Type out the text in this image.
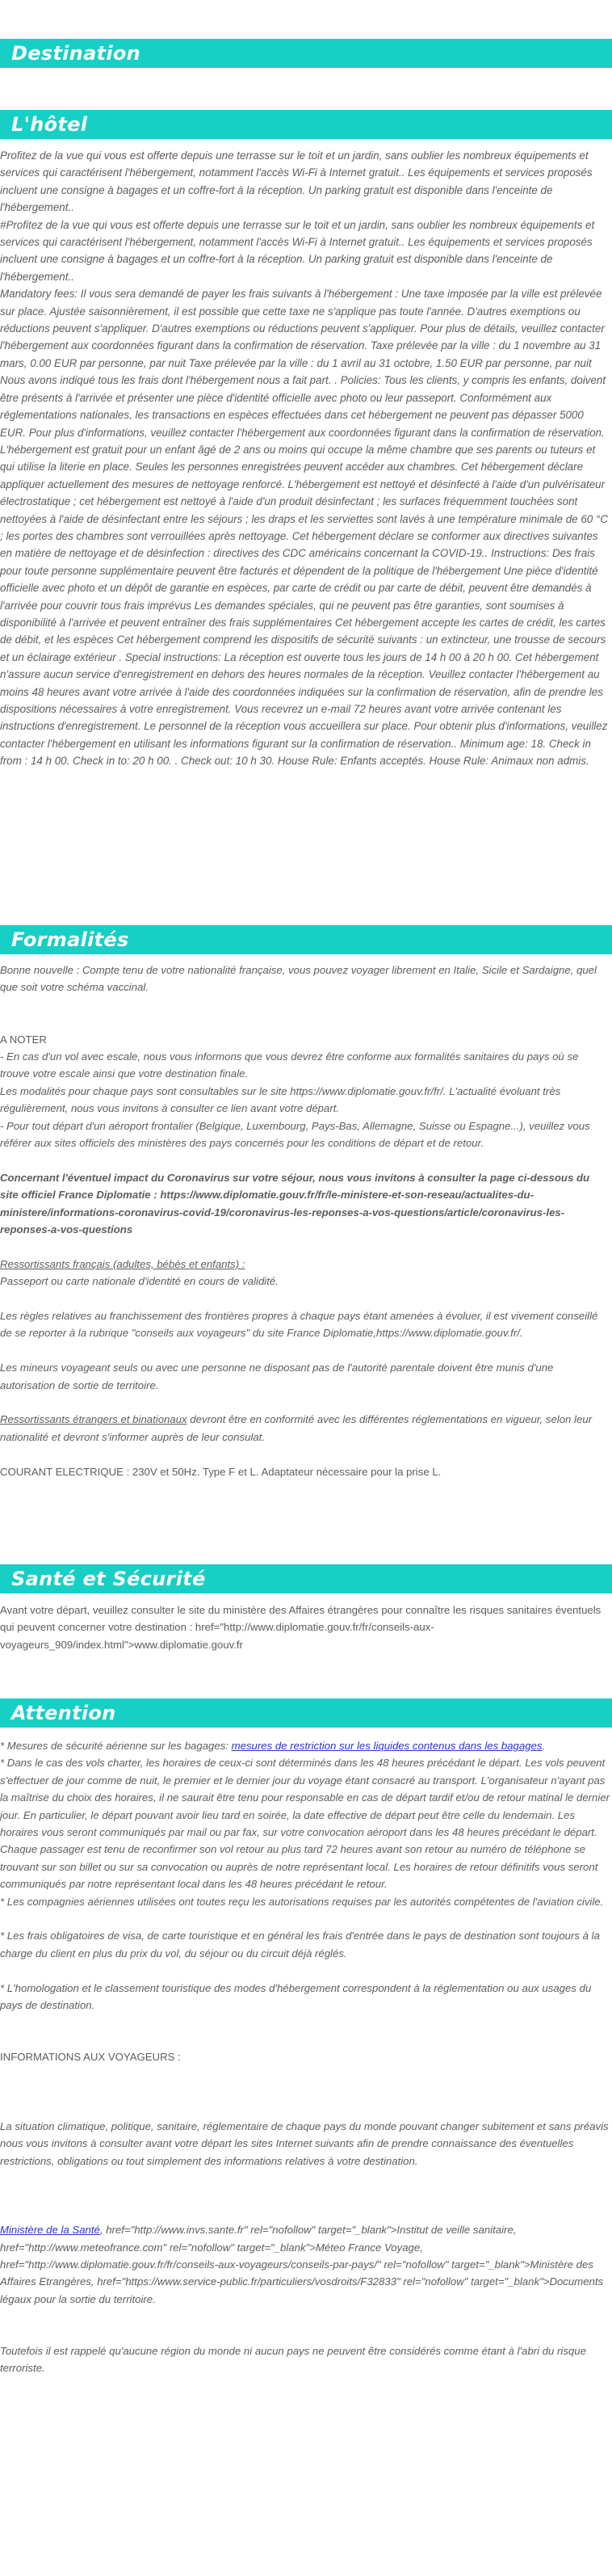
Destination
L'hôtel

Profitez de la vue qui vous est offerte depuis une terrasse sur le toit et un jardin, sans oublier les nombreux équipements et services qui caractérisent l'hébergement, notamment l'accès Wi-Fi à Internet gratuit.. Les équipements et services proposés incluent une consigne à bagages et un coffre-fort à la réception. Un parking gratuit est disponible dans l'enceinte de l'hébergement..

#Profitez de la vue qui vous est offerte depuis une terrasse sur le toit et un jardin, sans oublier les nombreux équipements et services qui caractérisent l'hébergement, notamment l'accès Wi-Fi à Internet gratuit.. Les équipements et services proposés incluent une consigne à bagages et un coffre-fort à la réception. Un parking gratuit est disponible dans l'enceinte de l'hébergement..

Mandatory fees: Il vous sera demandé de payer les frais suivants à l'hébergement : Une taxe imposée par la ville est prélevée sur place. Ajustée saisonnièrement, il est possible que cette taxe ne s'applique pas toute l'année. D'autres exemptions ou réductions peuvent s'appliquer. D'autres exemptions ou réductions peuvent s'appliquer. Pour plus de détails, veuillez contacter l'hébergement aux coordonnées figurant dans la confirmation de réservation. Taxe prélevée par la ville : du 1 novembre au 31 mars, 0.00 EUR par personne, par nuit Taxe prélevée par la ville : du 1 avril au 31 octobre, 1.50 EUR par personne, par nuit Nous avons indiqué tous les frais dont l'hébergement nous a fait part. . Policies: Tous les clients, y compris les enfants, doivent être présents à l'arrivée et présenter une pièce d'identité officielle avec photo ou leur passeport. Conformément aux réglementations nationales, les transactions en espèces effectuées dans cet hébergement ne peuvent pas dépasser 5000 EUR. Pour plus d'informations, veuillez contacter l'hébergement aux coordonnées figurant dans la confirmation de réservation. L'hébergement est gratuit pour un enfant âgé de 2 ans ou moins qui occupe la même chambre que ses parents ou tuteurs et qui utilise la literie en place. Seules les personnes enregistrées peuvent accéder aux chambres. Cet hébergement déclare appliquer actuellement des mesures de nettoyage renforcé. L'hébergement est nettoyé et désinfecté à l'aide d'un pulvérisateur électrostatique ; cet hébergement est nettoyé à l'aide d'un produit désinfectant ; les surfaces fréquemment touchées sont nettoyées à l'aide de désinfectant entre les séjours ; les draps et les serviettes sont lavés à une température minimale de 60 °C ; les portes des chambres sont verrouillées après nettoyage. Cet hébergement déclare se conformer aux directives suivantes en matière de nettoyage et de désinfection : directives des CDC américains concernant la COVID-19.. Instructions: Des frais pour toute personne supplémentaire peuvent être facturés et dépendent de la politique de l'hébergement Une pièce d'identité officielle avec photo et un dépôt de garantie en espèces, par carte de crédit ou par carte de débit, peuvent être demandés à l'arrivée pour couvrir tous frais imprévus Les demandes spéciales, qui ne peuvent pas être garanties, sont soumises à disponibilité à l'arrivée et peuvent entraîner des frais supplémentaires Cet hébergement accepte les cartes de crédit, les cartes de débit, et les espèces Cet hébergement comprend les dispositifs de sécurité suivants : un extincteur, une trousse de secours et un éclairage extérieur . Special instructions: La réception est ouverte tous les jours de 14 h 00 à 20 h 00. Cet hébergement n'assure aucun service d'enregistrement en dehors des heures normales de la réception. Veuillez contacter l'hébergement au moins 48 heures avant votre arrivée à l'aide des coordonnées indiquées sur la confirmation de réservation, afin de prendre les dispositions nécessaires à votre enregistrement. Vous recevrez un e-mail 72 heures avant votre arrivée contenant les instructions d'enregistrement. Le personnel de la réception vous accueillera sur place. Pour obtenir plus d'informations, veuillez contacter l'hébergement en utilisant les informations figurant sur la confirmation de réservation.. Minimum age: 18. Check in from : 14 h 00. Check in to: 20 h 00. . Check out: 10 h 30. House Rule: Enfants acceptés. House Rule: Animaux non admis.

Formalités

Bonne nouvelle : Compte tenu de votre nationalité française, vous pouvez voyager librement en Italie, Sicile et Sardaigne, quel que soit votre schéma vaccinal.

A NOTER

- En cas d'un vol avec escale, nous vous informons que vous devrez être conforme aux formalités sanitaires du pays où se trouve votre escale ainsi que votre destination finale.

Les modalités pour chaque pays sont consultables sur le site https://www.diplomatie.gouv.fr/fr/. L'actualité évoluant très régulièrement, nous vous invitons à consulter ce lien avant votre départ.

- Pour tout départ d'un aéroport frontalier (Belgique, Luxembourg, Pays-Bas, Allemagne, Suisse ou Espagne...), veuillez vous référer aux sites officiels des ministères des pays concernés pour les conditions de départ et de retour.

Concernant l'éventuel impact du Coronavirus sur votre séjour, nous vous invitons à consulter la page ci-dessous du site officiel France Diplomatie : https://www.diplomatie.gouv.fr/fr/le-ministere-et-son-reseau/actualites-du-ministere/informations-coronavirus-covid-19/coronavirus-les-reponses-a-vos-questions/article/coronavirus-les-reponses-a-vos-questions

Ressortissants français (adultes, bébés et enfants) :

Passeport ou carte nationale d'identité en cours de validité.

Les règles relatives au franchissement des frontières propres à chaque pays étant amenées à évoluer, il est vivement conseillé de se reporter à la rubrique "conseils aux voyageurs" du site France Diplomatie,https://www.diplomatie.gouv.fr/.

Les mineurs voyageant seuls ou avec une personne ne disposant pas de l'autorité parentale doivent être munis d'une autorisation de sortie de territoire.

Ressortissants étrangers et binationaux devront être en conformité avec les différentes réglementations en vigueur, selon leur nationalité et devront s'informer auprès de leur consulat.

COURANT ELECTRIQUE : 230V et 50Hz. Type F et L. Adaptateur nécessaire pour la prise L.

Santé et Sécurité

Avant votre départ, veuillez consulter le site du ministère des Affaires étrangères pour connaître les risques sanitaires éventuels qui peuvent concerner votre destination : href="http://www.diplomatie.gouv.fr/fr/conseils-aux-voyageurs_909/index.html">www.diplomatie.gouv.fr

Attention

* Mesures de sécurité aérienne sur les bagages: mesures de restriction sur les liquides contenus dans les bagages.

* Dans le cas des vols charter, les horaires de ceux-ci sont déterminés dans les 48 heures précédant le départ. Les vols peuvent s'effectuer de jour comme de nuit, le premier et le dernier jour du voyage étant consacré au transport. L'organisateur n'ayant pas la maîtrise du choix des horaires, il ne saurait être tenu pour responsable en cas de départ tardif et/ou de retour matinal le dernier jour. En particulier, le départ pouvant avoir lieu tard en soirée, la date effective de départ peut être celle du lendemain. Les horaires vous seront communiqués par mail ou par fax, sur votre convocation aéroport dans les 48 heures précédant le départ. Chaque passager est tenu de reconfirmer son vol retour au plus tard 72 heures avant son retour au numéro de téléphone se trouvant sur son billet ou sur sa convocation ou auprès de notre représentant local. Les horaires de retour définitifs vous seront communiqués par notre représentant local dans les 48 heures précédant le retour.

* Les compagnies aériennes utilisées ont toutes reçu les autorisations requises par les autorités compétentes de l'aviation civile.

* Les frais obligatoires de visa, de carte touristique et en général les frais d'entrée dans le pays de destination sont toujours à la charge du client en plus du prix du vol, du séjour ou du circuit déjà réglés.

* L'homologation et le classement touristique des modes d'hébergement correspondent à la réglementation ou aux usages du pays de destination.

INFORMATIONS AUX VOYAGEURS :

La situation climatique, politique, sanitaire, réglementaire de chaque pays du monde pouvant changer subitement et sans préavis

nous vous invitons à consulter avant votre départ les sites Internet suivants afin de prendre connaissance des éventuelles restrictions, obligations ou tout simplement des informations relatives à votre destination.

Ministère de la Santé, href="http://www.invs.sante.fr" rel="nofollow" target="_blank">Institut de veille sanitaire, href="http://www.meteofrance.com" rel="nofollow" target="_blank">Méteo France Voyage, href="http://www.diplomatie.gouv.fr/fr/conseils-aux-voyageurs/conseils-par-pays/" rel="nofollow" target="_blank">Ministère des Affaires Etrangères, href="https://www.service-public.fr/particuliers/vosdroits/F32833" rel="nofollow" target="_blank">Documents légaux pour la sortie du territoire.

Toutefois il est rappelé qu'aucune région du monde ni aucun pays ne peuvent être considérés comme étant à l'abri du risque terroriste.
